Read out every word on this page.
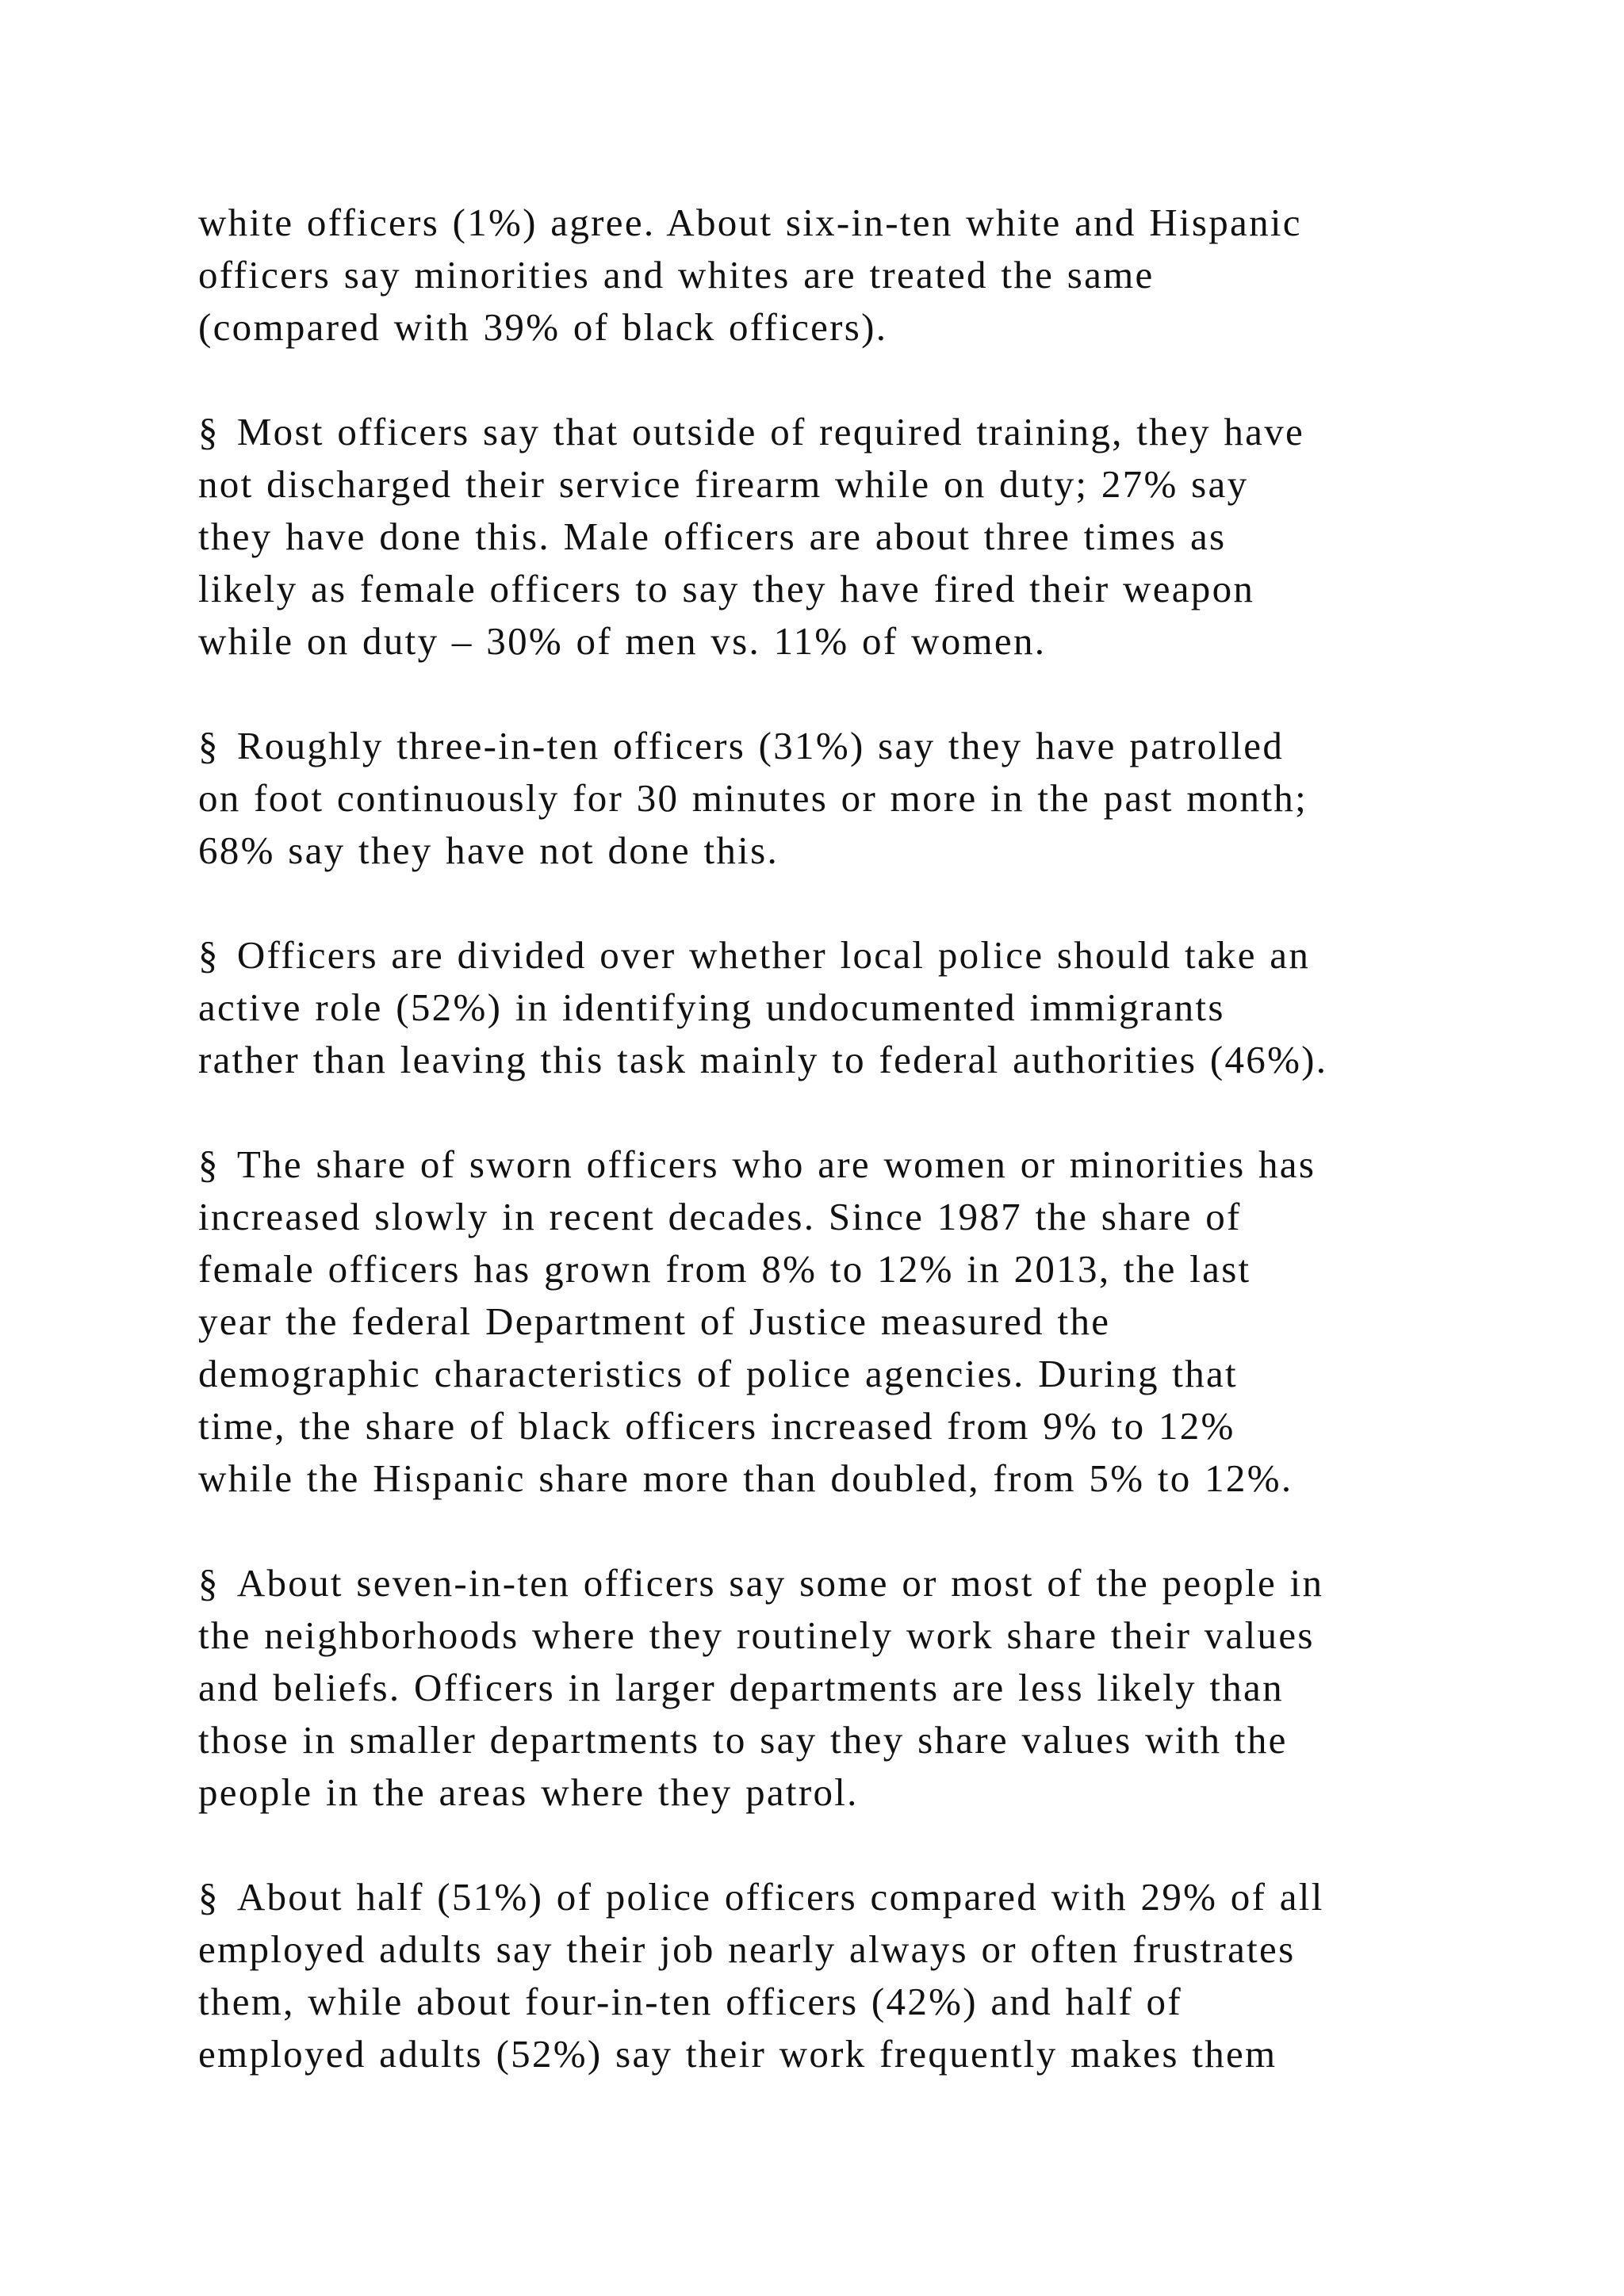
white officers (1%) agree. About six-in-ten white and Hispanic
officers say minorities and whites are treated the same
(compared with 39% of black officers).

§ Most officers say that outside of required training, they have
not discharged their service firearm while on duty; 27% say
they have done this. Male officers are about three times as
likely as female officers to say they have fired their weapon
while on duty – 30% of men vs. 11% of women.

§ Roughly three-in-ten officers (31%) say they have patrolled
on foot continuously for 30 minutes or more in the past month;
68% say they have not done this.

§ Officers are divided over whether local police should take an
active role (52%) in identifying undocumented immigrants
rather than leaving this task mainly to federal authorities (46%).

§ The share of sworn officers who are women or minorities has
increased slowly in recent decades. Since 1987 the share of
female officers has grown from 8% to 12% in 2013, the last
year the federal Department of Justice measured the
demographic characteristics of police agencies. During that
time, the share of black officers increased from 9% to 12%
while the Hispanic share more than doubled, from 5% to 12%.

§ About seven-in-ten officers say some or most of the people in
the neighborhoods where they routinely work share their values
and beliefs. Officers in larger departments are less likely than
those in smaller departments to say they share values with the
people in the areas where they patrol.

§ About half (51%) of police officers compared with 29% of all
employed adults say their job nearly always or often frustrates
them, while about four-in-ten officers (42%) and half of
employed adults (52%) say their work frequently makes them
